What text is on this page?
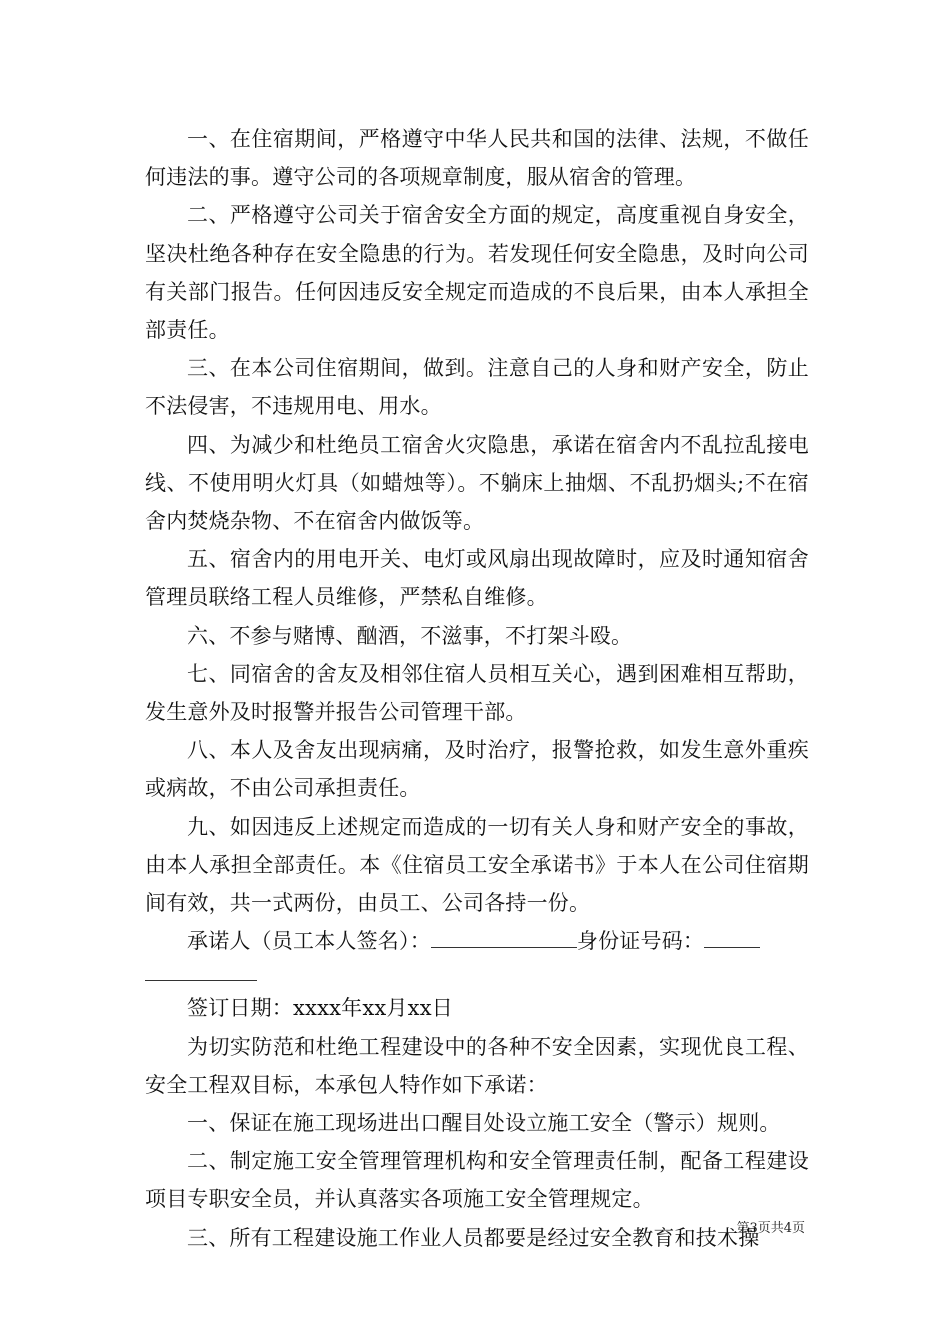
一、在住宿期间，严格遵守中华人民共和国的法律、法规，不做任何违法的事。遵守公司的各项规章制度，服从宿舍的管理。

二、严格遵守公司关于宿舍安全方面的规定，高度重视自身安全，坚决杜绝各种存在安全隐患的行为。若发现任何安全隐患，及时向公司有关部门报告。任何因违反安全规定而造成的不良后果，由本人承担全部责任。

三、在本公司住宿期间，做到。注意自己的人身和财产安全，防止不法侵害，不违规用电、用水。

四、为减少和杜绝员工宿舍火灾隐患，承诺在宿舍内不乱拉乱接电线、不使用明火灯具（如蜡烛等）。不躺床上抽烟、不乱扔烟头;不在宿舍内焚烧杂物、不在宿舍内做饭等。

五、宿舍内的用电开关、电灯或风扇出现故障时，应及时通知宿舍管理员联络工程人员维修，严禁私自维修。

六、不参与赌博、酗酒，不滋事，不打架斗殴。

七、同宿舍的舍友及相邻住宿人员相互关心，遇到困难相互帮助，发生意外及时报警并报告公司管理干部。

八、本人及舍友出现病痛，及时治疗，报警抢救，如发生意外重疾或病故，不由公司承担责任。

九、如因违反上述规定而造成的一切有关人身和财产安全的事故，由本人承担全部责任。本《住宿员工安全承诺书》于本人在公司住宿期间有效，共一式两份，由员工、公司各持一份。

承诺人（员工本人签名）：	身份证号码：

签订日期：xxxx年xx月xx日

为切实防范和杜绝工程建设中的各种不安全因素，实现优良工程、安全工程双目标，本承包人特作如下承诺：

一、保证在施工现场进出口醒目处设立施工安全（警示）规则。

二、制定施工安全管理管理机构和安全管理责任制，配备工程建设项目专职安全员，并认真落实各项施工安全管理规定。

三、所有工程建设施工作业人员都要是经过安全教育和技术操

第3页共4页
